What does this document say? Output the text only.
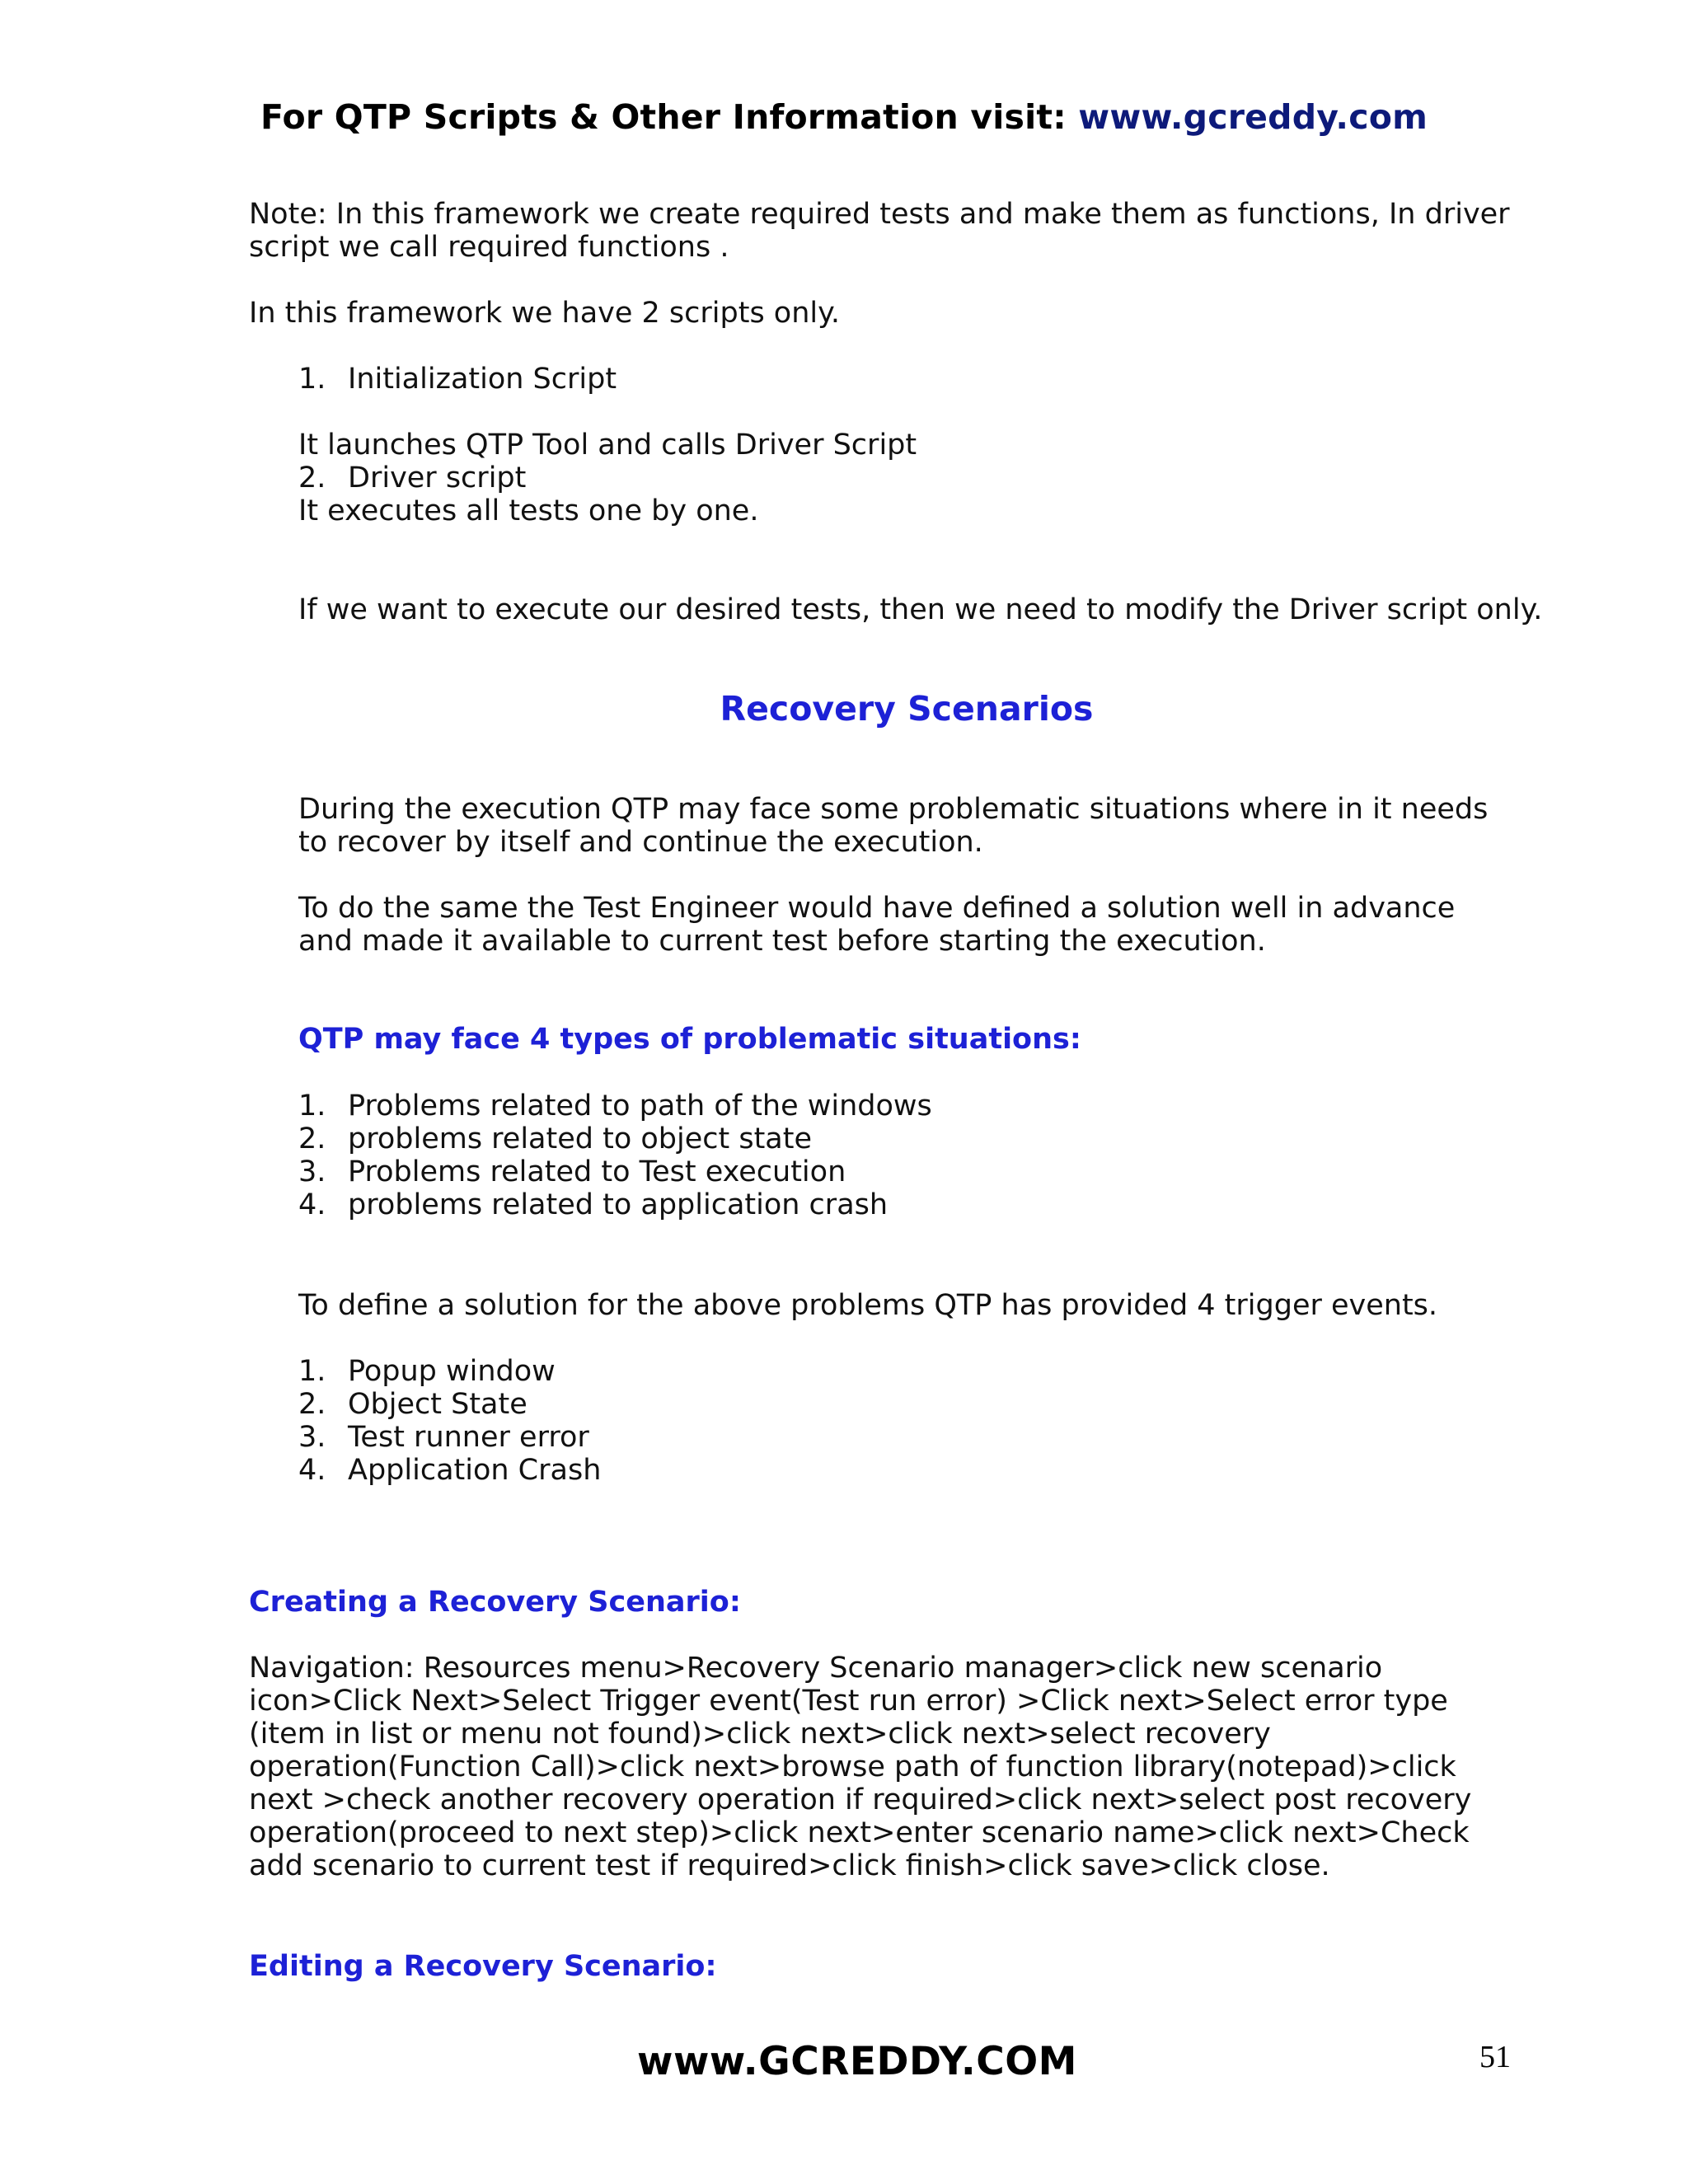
For QTP Scripts & Other Information visit: www.gcreddy.com

Note: In this framework we create required tests and make them as functions, In driver script we call required functions .

In this framework we have 2 scripts only.

1. Initialization Script

It launches QTP Tool and calls Driver Script

2. Driver script

It executes all tests one by one.

If we want to execute our desired tests, then we need to modify the Driver script only.

Recovery Scenarios

During the execution QTP may face some problematic situations where in it needs to recover by itself and continue the execution.

To do the same the Test Engineer would have defined a solution well in advance and made it available to current test before starting the execution.

QTP may face 4 types of problematic situations:
1. Problems related to path of the windows
2. problems related to object state
3. Problems related to Test execution
4. problems related to application crash

To define a solution for the above problems QTP has provided 4 trigger events.

1. Popup window
2. Object State
3. Test runner error
4. Application Crash
Creating a Recovery Scenario:

Navigation: Resources menu>Recovery Scenario manager>click new scenario icon>Click Next>Select Trigger event(Test run error) >Click next>Select error type (item in list or menu not found)>click next>click next>select recovery operation(Function Call)>click next>browse path of function library(notepad)>click next >check another recovery operation if required>click next>select post recovery operation(proceed to next step)>click next>enter scenario name>click next>Check add scenario to current test if required>click finish>click save>click close.

Editing a Recovery Scenario:
www.GCREDDY.COM	51
